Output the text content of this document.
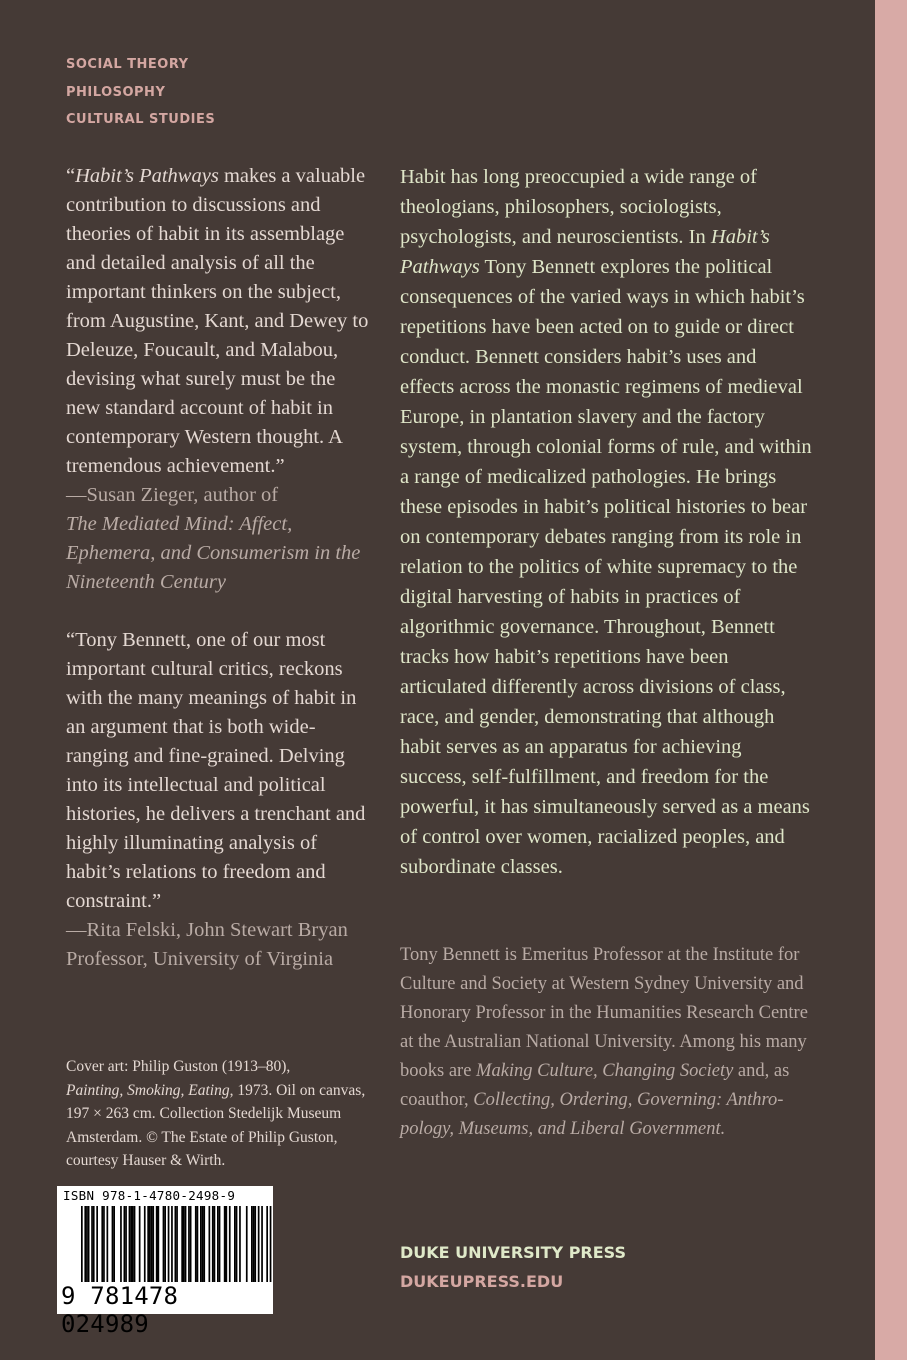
SOCIAL THEORY
PHILOSOPHY
CULTURAL STUDIES

“Habit’s Pathways makes a valuable contribution to discussions and theories of habit in its assemblage and detailed analysis of all the important thinkers on the subject, from Augustine, Kant, and Dewey to Deleuze, Foucault, and Malabou, devising what surely must be the new standard account of habit in contemporary Western thought. A tremendous achievement.”
—Susan Zieger, author of
The Mediated Mind: Affect, Ephemera, and Consumerism in the Nineteenth Century

“Tony Bennett, one of our most important cultural critics, reckons with the many meanings of habit in an argument that is both wide-ranging and fine-grained. Delving into its intellectual and political histories, he delivers a trenchant and highly illuminating analysis of habit’s relations to freedom and constraint.”
—Rita Felski, John Stewart Bryan Professor, University of Virginia

Cover art: Philip Guston (1913–80),
Painting, Smoking, Eating, 1973. Oil on canvas, 197 × 263 cm. Collection Stedelijk Museum Amsterdam. © The Estate of Philip Guston, courtesy Hauser & Wirth.
ISBN 978-1-4780-2498-9
9 781478 024989
Habit has long preoccupied a wide range of theologians, philosophers, sociologists, psychologists, and neuroscientists. In Habit’s Pathways Tony Bennett explores the political consequences of the varied ways in which habit’s repetitions have been acted on to guide or direct conduct. Bennett considers habit’s uses and effects across the monastic regimens of medieval Europe, in plantation slavery and the factory system, through colonial forms of rule, and within a range of medicalized pathologies. He brings these episodes in habit’s political histories to bear on contemporary debates ranging from its role in relation to the politics of white supremacy to the digital harvesting of habits in practices of algorithmic governance. Throughout, Bennett tracks how habit’s repetitions have been articulated differently across divisions of class, race, and gender, demonstrating that although habit serves as an apparatus for achieving success, self-fulfillment, and freedom for the powerful, it has simultaneously served as a means of control over women, racialized peoples, and subordinate classes.
Tony Bennett is Emeritus Professor at the Institute for Culture and Society at Western Sydney University and Honorary Professor in the Humanities Research Centre at the Australian National University. Among his many books are Making Culture, Changing Society and, as coauthor, Collecting, Ordering, Governing: Anthropology, Museums, and Liberal Government.
DUKE UNIVERSITY PRESS
DUKEUPRESS.EDU
